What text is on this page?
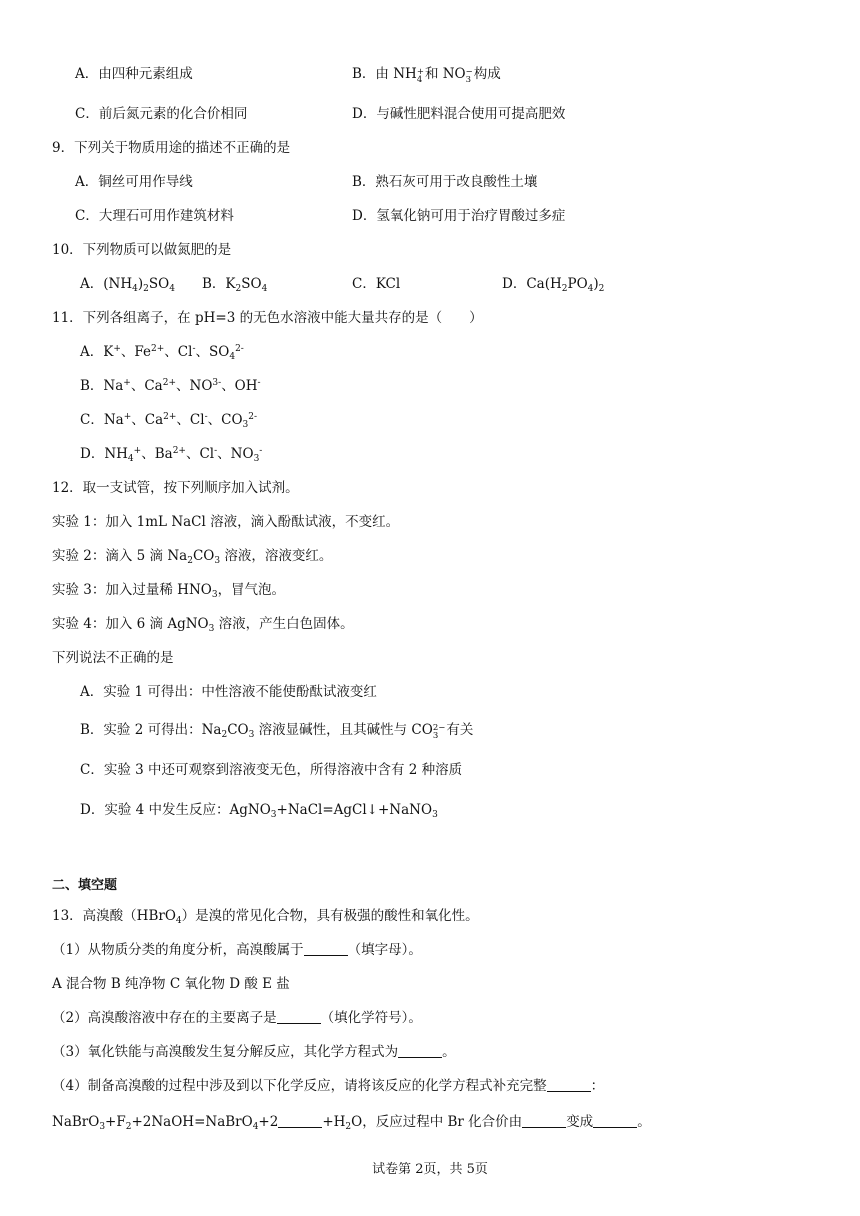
A．由四种元素组成	B．由 NH +
4 和 NO −
3 构成
C．前后氮元素的化合价相同	D．与碱性肥料混合使用可提高肥效
9．下列关于物质用途的描述不正确的是
A．铜丝可用作导线	B．熟石灰可用于改良酸性土壤
C．大理石可用作建筑材料	D．氢氧化钠可用于治疗胃酸过多症
10．下列物质可以做氮肥的是
A．$(NH_4)_2SO_4$ B．$K_2SO_4$	C．KCl	D．$Ca(H_2PO_4)_2$
11．下列各组离子，在 pH=3 的无色水溶液中能大量共存的是（　　）
A．K+、$Fe^{2+}$、Cl-、$SO_4^{2-}$
B．Na+、$Ca^{2+}$、$NO^{3-}$、OH-
C．Na+、$Ca^{2+}$、Cl-、$CO_3^{2-}$
D．$NH_4^+$、$Ba^{2+}$、Cl-、$NO_3^-$
12．取一支试管，按下列顺序加入试剂。
实验 1：加入 1mL NaCl 溶液，滴入酚酞试液，不变红。
实验 2：滴入 5 滴 $Na_2CO_3$ 溶液，溶液变红。
实验 3：加入过量稀 $HNO_3$，冒气泡。
实验 4：加入 6 滴 AgNO$_3$ 溶液，产生白色固体。
下列说法不正确的是
A．实验 1 可得出：中性溶液不能使酚酞试液变红
B．实验 2 可得出：$Na_2CO_3$ 溶液显碱性，且其碱性与 CO 2−
3 有关
C．实验 3 中还可观察到溶液变无色，所得溶液中含有 2 种溶质
D．实验 4 中发生反应：AgNO$_3$+NaCl=AgCl↓+NaNO$_3$
二、填空题
13．高溴酸（HBrO$_4$）是溴的常见化合物，具有极强的酸性和氧化性。
（1）从物质分类的角度分析，高溴酸属于	（填字母）。
A 混合物 B 纯净物 C 氧化物 D 酸 E 盐
（2）高溴酸溶液中存在的主要离子是	（填化学符号）。
（3）氧化铁能与高溴酸发生复分解反应，其化学方程式为	。
（4）制备高溴酸的过程中涉及到以下化学反应，请将该反应的化学方程式补充完整	：
$NaBrO_3+F_2+2NaOH=NaBrO_4+2$	$+H_2O$，反应过程中 Br 化合价由	变成	。
试卷第 2页，共 5页
